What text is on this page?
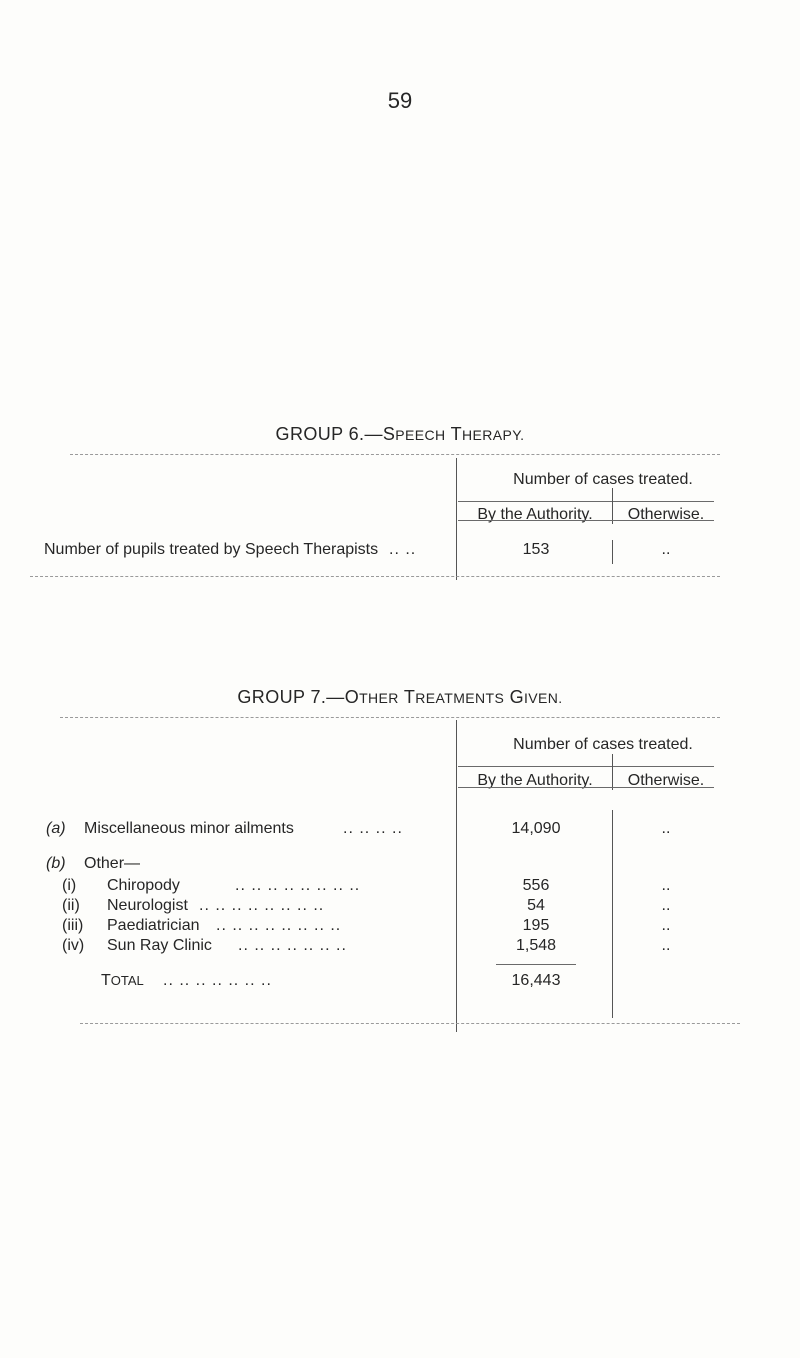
59
GROUP 6.—SPEECH THERAPY.
Number of cases treated.
By the Authority.	Otherwise.
Number of pupils treated by Speech Therapists .. ..	153	..
GROUP 7.—OTHER TREATMENTS GIVEN.
Number of cases treated.
By the Authority.	Otherwise.
(a) Miscellaneous minor ailments	.. .. .. ..	14,090	..
(b) Other—
(i) Chiropody	.. .. .. .. .. .. .. ..	556	..
(ii) Neurologist .. .. .. .. .. .. .. ..	54	..
(iii) Paediatrician .. .. .. .. .. .. .. ..	195	..
(iv) Sun Ray Clinic .. .. .. .. .. .. ..	1,548	..
TOTAL .. .. .. .. .. .. ..	16,443
